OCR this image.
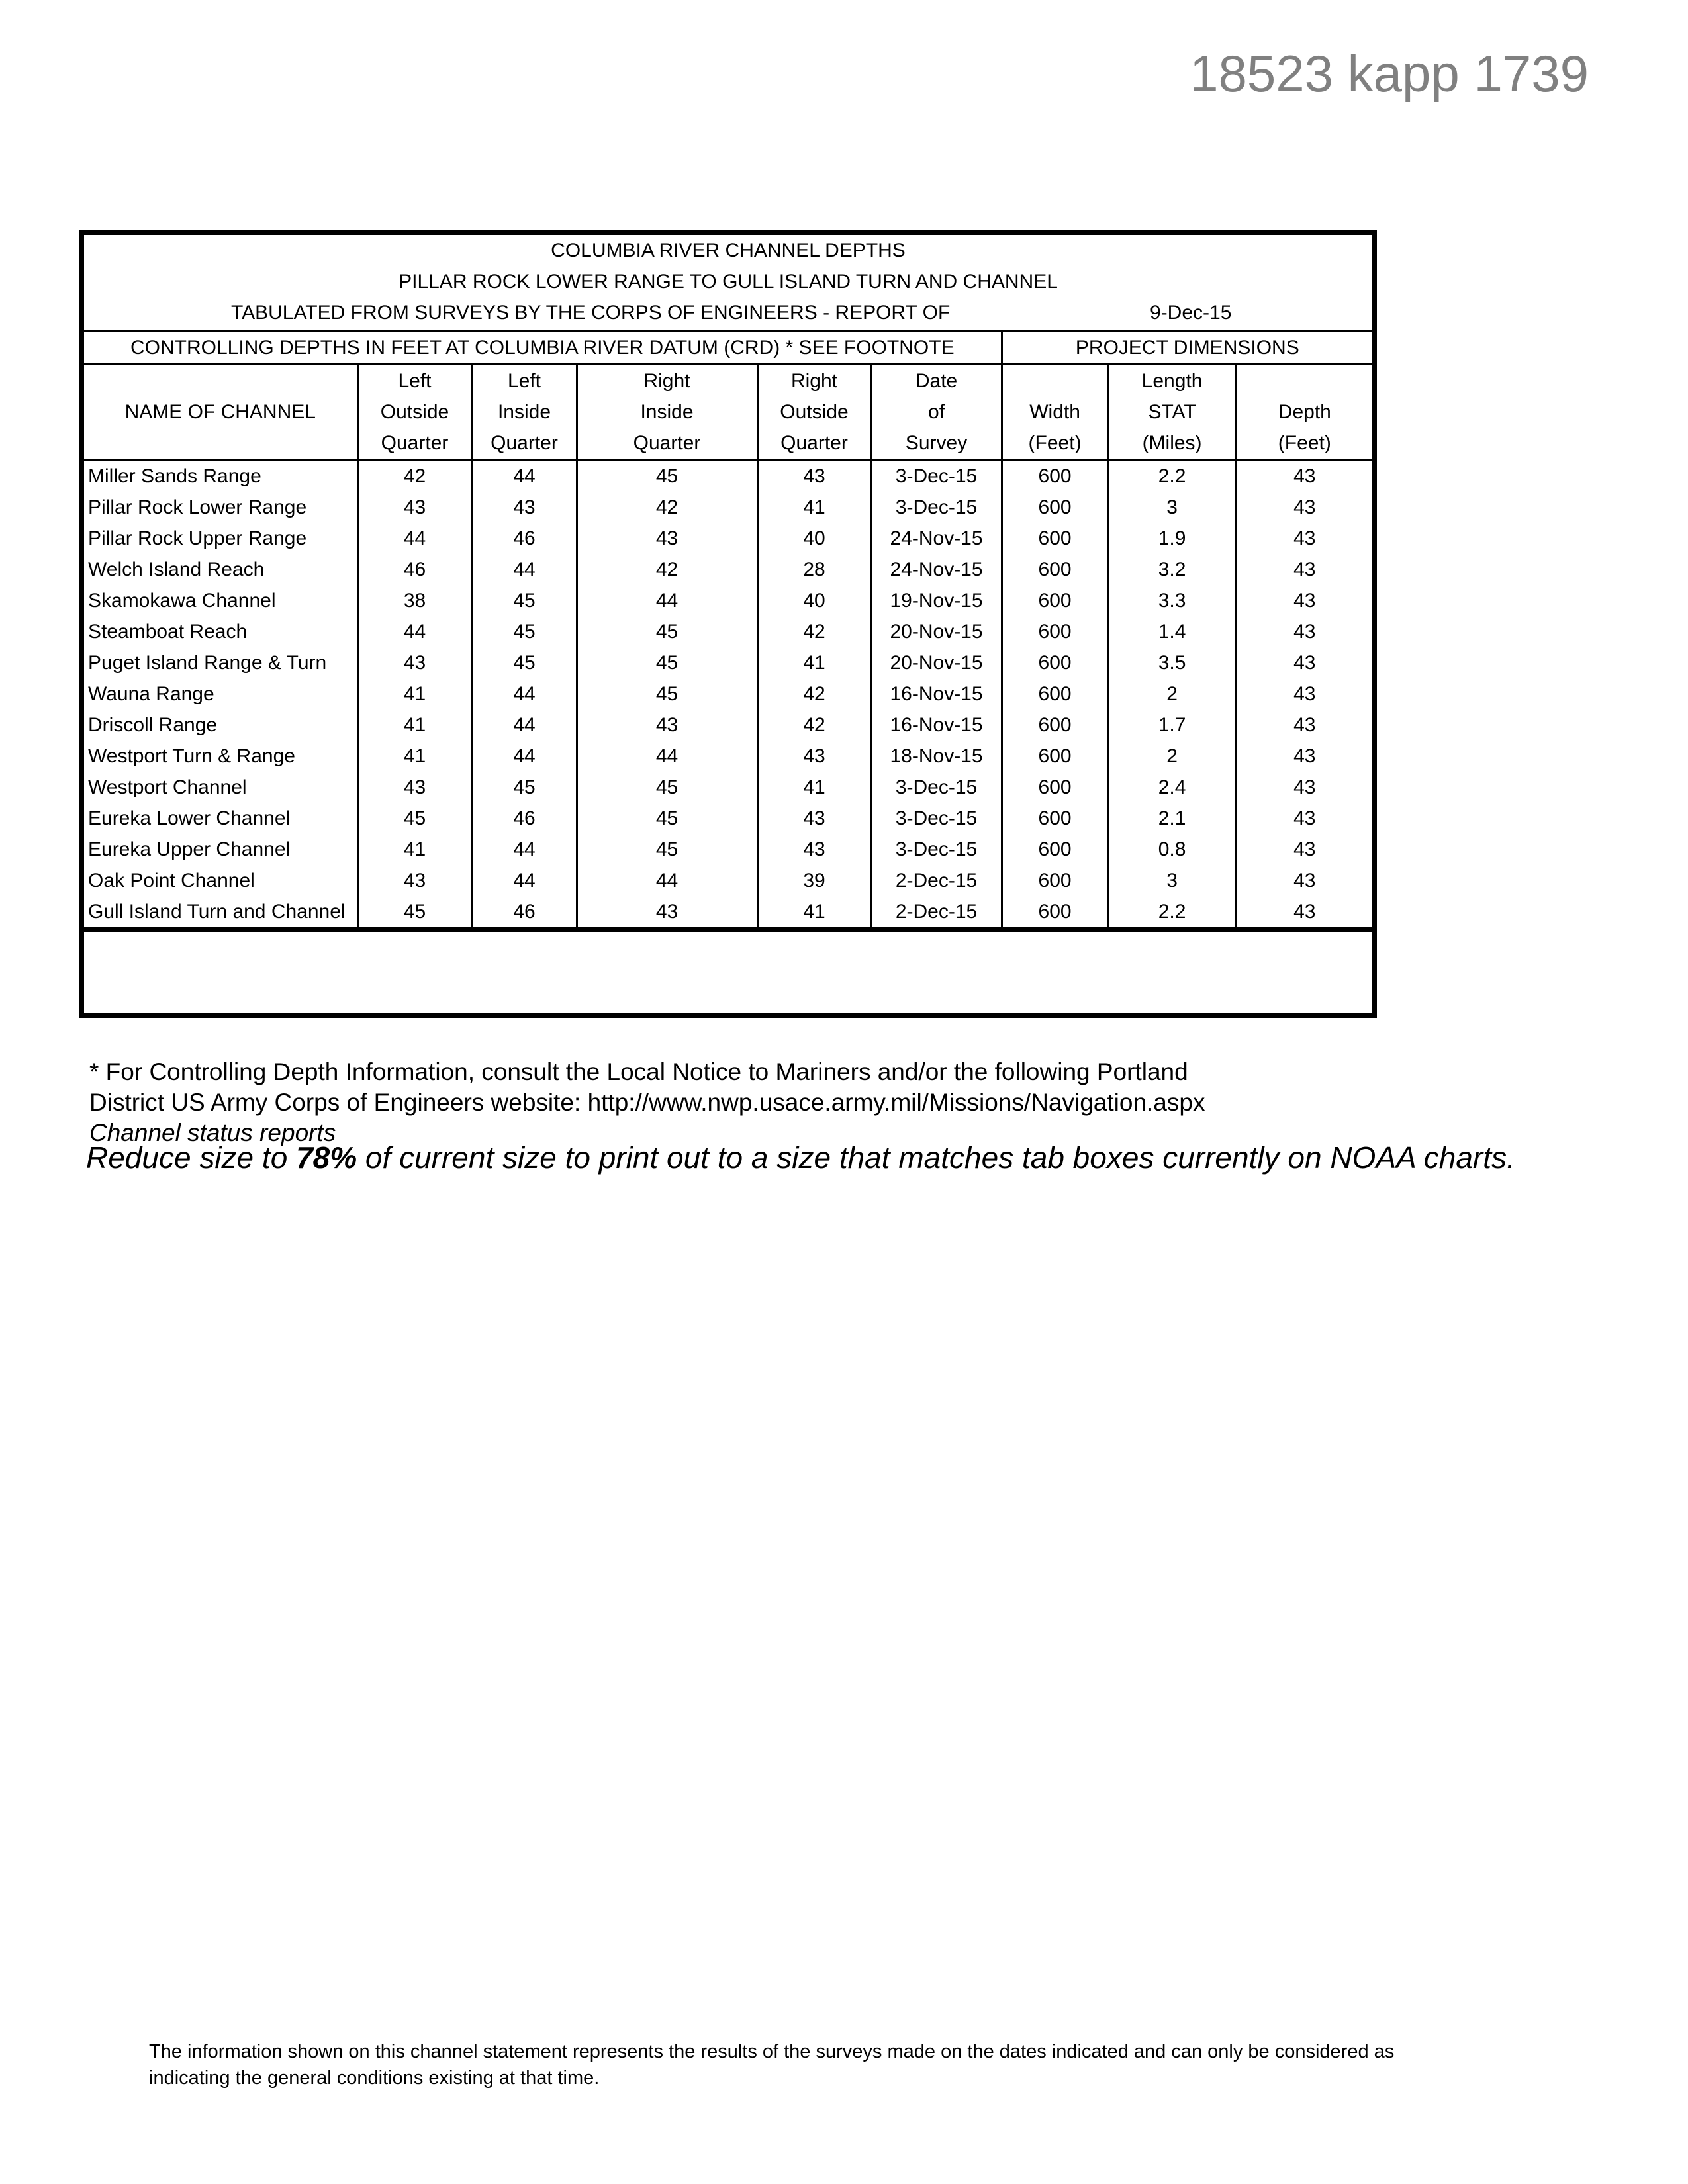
18523 kapp 1739
COLUMBIA RIVER CHANNEL DEPTHS
PILLAR ROCK LOWER RANGE TO GULL ISLAND TURN AND CHANNEL
TABULATED FROM SURVEYS BY THE CORPS OF ENGINEERS - REPORT OF	9-Dec-15
CONTROLLING DEPTHS IN FEET AT COLUMBIA RIVER DATUM (CRD) * SEE FOOTNOTE						PROJECT DIMENSIONS		
	Left	Left	Right	Right	Date		Length	
NAME OF CHANNEL	Outside	Inside	Inside	Outside	of	Width	STAT	Depth
	Quarter	Quarter	Quarter	Quarter	Survey	(Feet)	(Miles)	(Feet)
Miller Sands Range	42	44	45	43	3-Dec-15	600	2.2	43
Pillar Rock Lower Range	43	43	42	41	3-Dec-15	600	3	43
Pillar Rock Upper Range	44	46	43	40	24-Nov-15	600	1.9	43
Welch Island Reach	46	44	42	28	24-Nov-15	600	3.2	43
Skamokawa Channel	38	45	44	40	19-Nov-15	600	3.3	43
Steamboat Reach	44	45	45	42	20-Nov-15	600	1.4	43
Puget Island Range & Turn	43	45	45	41	20-Nov-15	600	3.5	43
Wauna Range	41	44	45	42	16-Nov-15	600	2	43
Driscoll Range	41	44	43	42	16-Nov-15	600	1.7	43
Westport Turn & Range	41	44	44	43	18-Nov-15	600	2	43
Westport Channel	43	45	45	41	3-Dec-15	600	2.4	43
Eureka Lower Channel	45	46	45	43	3-Dec-15	600	2.1	43
Eureka Upper Channel	41	44	45	43	3-Dec-15	600	0.8	43
Oak Point Channel	43	44	44	39	2-Dec-15	600	3	43
Gull Island Turn and Channel	45	46	43	41	2-Dec-15	600	2.2	43
* For Controlling Depth Information, consult the Local Notice to Mariners and/or the following Portland
District US Army Corps of Engineers website: http://www.nwp.usace.army.mil/Missions/Navigation.aspx
Channel status reports
Reduce size to 78% of current size to print out to a size that matches tab boxes currently on NOAA charts.
The information shown on this channel statement represents the results of the surveys made on the dates indicated and can only be considered as
indicating the general conditions existing at that time.
